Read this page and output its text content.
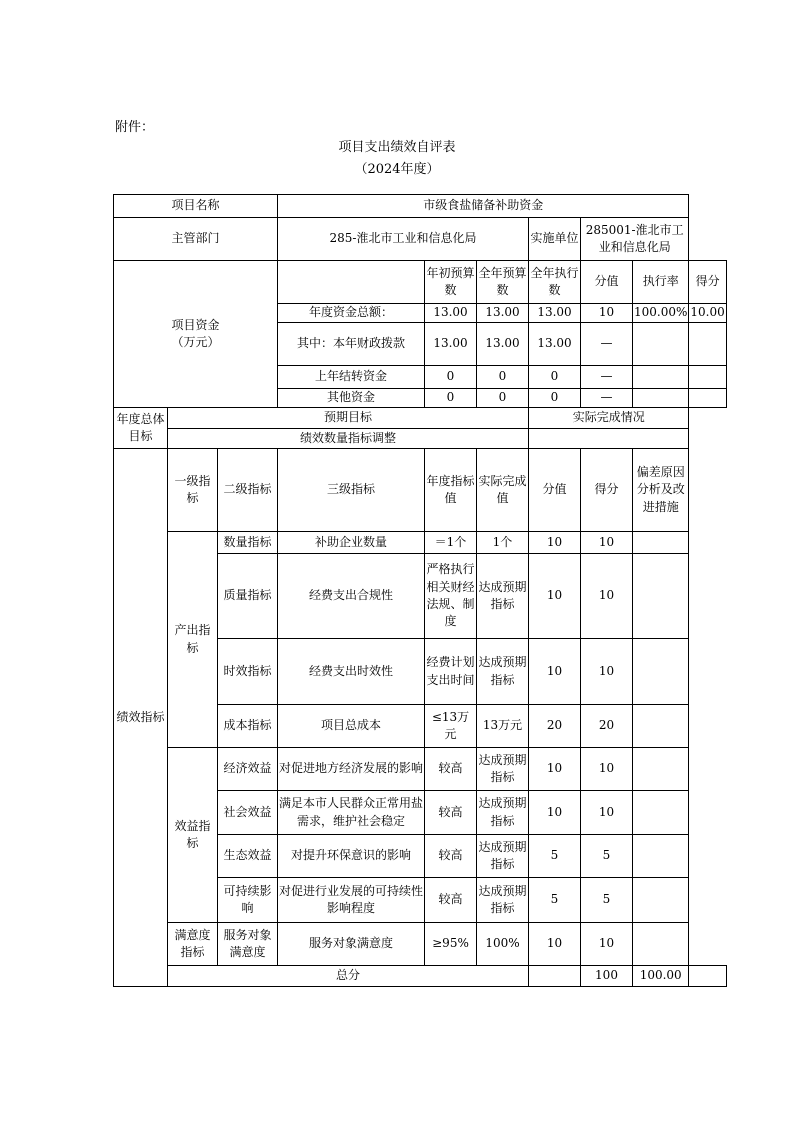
附件：
项目支出绩效自评表
（2024年度）
项目名称			市级食盐储备补助资金						
主管部门			285-淮北市工业和信息化局			实施单位	285001-淮北市工业和信息化局		
项目资金
（万元）				年初预算数	全年预算数	全年执行数	分值	执行率	得分
			年度资金总额：	13.00	13.00	13.00	10	100.00%	10.00
			其中：本年财政拨款	13.00	13.00	13.00	—		
			上年结转资金	0	0	0	—		
			其他资金	0	0	0	—		
年度总体目标	预期目标					实际完成情况			
	绩效数量指标调整								
绩效指标	一级指标	二级指标	三级指标	年度指标值	实际完成值	分值	得分	偏差原因分析及改进措施	
	产出指标	数量指标	补助企业数量	＝1个	1个	10	10		
		质量指标	经费支出合规性	严格执行相关财经法规、制度	达成预期指标	10	10		
		时效指标	经费支出时效性	经费计划支出时间	达成预期指标	10	10		
		成本指标	项目总成本	≤13万元	13万元	20	20		
	效益指标	经济效益	对促进地方经济发展的影响	较高	达成预期指标	10	10		
		社会效益	满足本市人民群众正常用盐需求，维护社会稳定	较高	达成预期指标	10	10		
		生态效益	对提升环保意识的影响	较高	达成预期指标	5	5		
		可持续影响	对促进行业发展的可持续性影响程度	较高	达成预期指标	5	5		
	满意度指标	服务对象满意度	服务对象满意度	≥95%	100%	10	10		
	总分						100	100.00	
